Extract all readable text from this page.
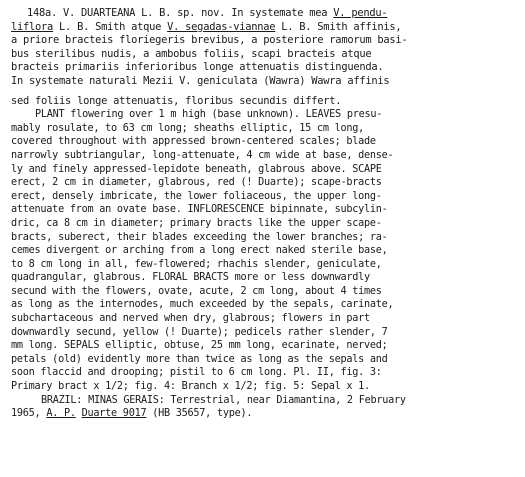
148a. V. DUARTEANA L. B. sp. nov. In systemate mea V. pendu-
liflora L. B. Smith atque V. segadas-viannae L. B. Smith affinis,
a priore bracteis floriegeris brevibus, a posteriore ramorum basi-
bus sterilibus nudis, a ambobus foliis, scapi bracteis atque
bracteis primariis inferioribus longe attenuatis distinguenda.
In systemate naturali Mezii V. geniculata (Wawra) Wawra affinis
sed foliis longe attenuatis, floribus secundis differt.
PLANT flowering over 1 m high (base unknown). LEAVES presu-
mably rosulate, to 63 cm long; sheaths elliptic, 15 cm long,
covered throughout with appressed brown-centered scales; blade
narrowly subtriangular, long-attenuate, 4 cm wide at base, dense-
ly and finely appressed-lepidote beneath, glabrous above. SCAPE
erect, 2 cm in diameter, glabrous, red (! Duarte); scape-bracts
erect, densely imbricate, the lower foliaceous, the upper long-
attenuate from an ovate base. INFLORESCENCE bipinnate, subcylin-
dric, ca 8 cm in diameter; primary bracts like the upper scape-
bracts, suberect, their blades exceeding the lower branches; ra-
cemes divergent or arching from a long erect naked sterile base,
to 8 cm long in all, few-flowered; rhachis slender, geniculate,
quadrangular, glabrous. FLORAL BRACTS more or less downwardly
secund with the flowers, ovate, acute, 2 cm long, about 4 times
as long as the internodes, much exceeded by the sepals, carinate,
subchartaceous and nerved when dry, glabrous; flowers in part
downwardly secund, yellow (! Duarte); pedicels rather slender, 7
mm long. SEPALS elliptic, obtuse, 25 mm long, ecarinate, nerved;
petals (old) evidently more than twice as long as the sepals and
soon flaccid and drooping; pistil to 6 cm long. Pl. II, fig. 3:
Primary bract x 1/2; fig. 4: Branch x 1/2; fig. 5: Sepal x 1.
BRAZIL: MINAS GERAIS: Terrestrial, near Diamantina, 2 February
1965, A. P. Duarte 9017 (HB 35657, type).
